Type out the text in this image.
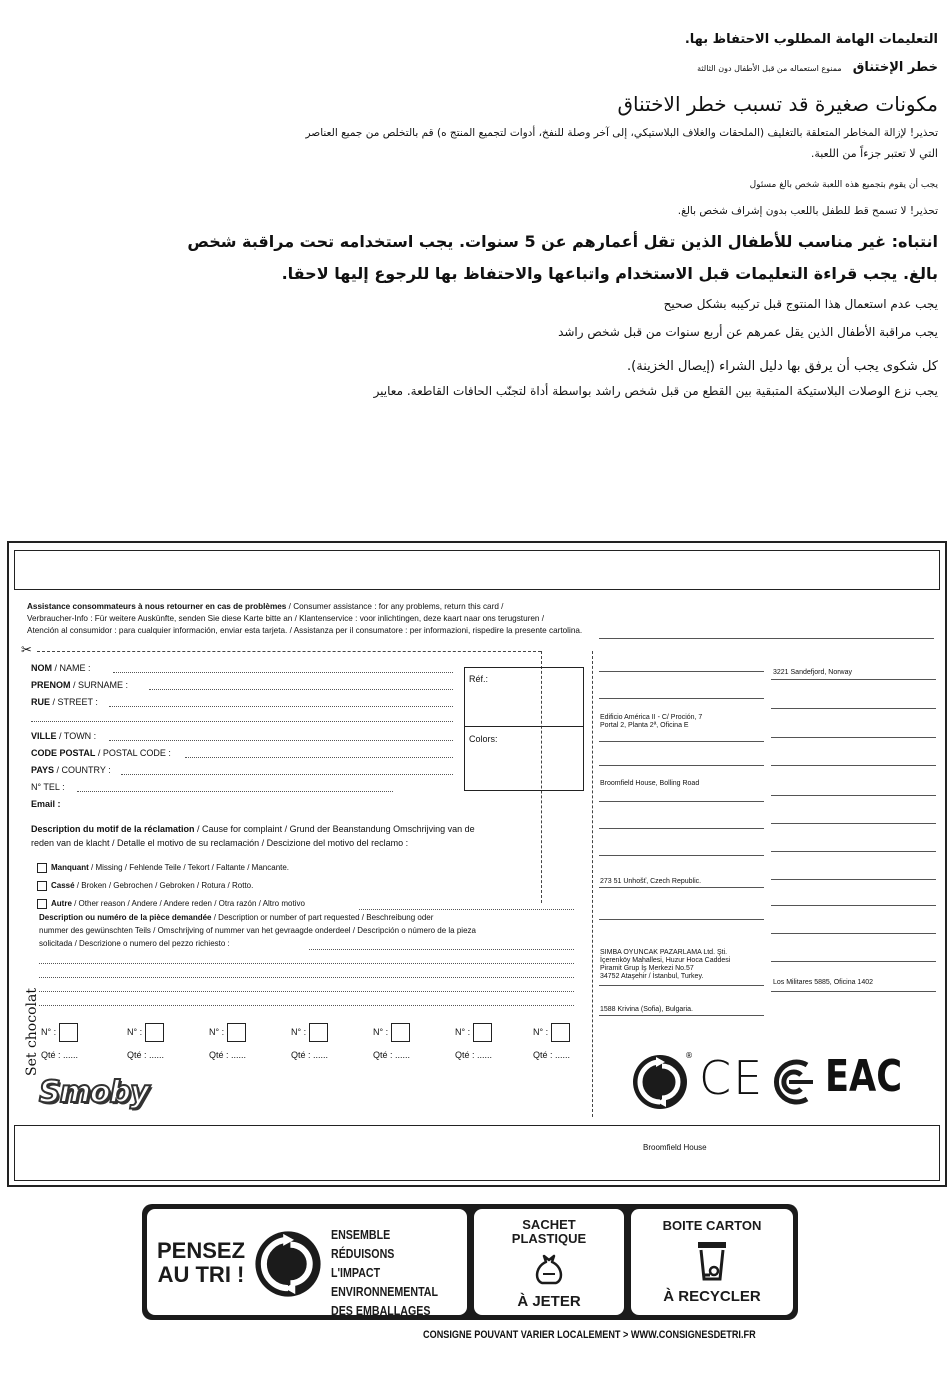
التعليمات الهامة المطلوب الاحتفاظ بها.
خطر الإختناق ممنوع استعماله من قبل الأطفال دون الثالثة
مكونات صغيرة قد تسبب خطر الاختناق
تحذير! لإزالة المخاطر المتعلقة بالتغليف (الملحقات والغلاف البلاستيكي، إلى آخر وصلة للنفخ، أدوات لتجميع المنتج ه) قم بالتخلص من جميع العناصر
التي لا تعتبر جزءاً من اللعبة.
يجب أن يقوم بتجميع هذه اللعبة شخص بالغ مسئول
تحذير! لا تسمح قط للطفل باللعب بدون إشراف شخص بالغ.
انتباه: غير مناسب للأطفال الذين تقل أعمارهم عن 5 سنوات. يجب استخدامه تحت مراقبة شخص
بالغ. يجب قراءة التعليمات قبل الاستخدام واتباعها والاحتفاظ بها للرجوع إليها لاحقا.
يجب عدم استعمال هذا المنتوج قبل تركيبه بشكل صحيح
يجب مراقبة الأطفال الذين يقل عمرهم عن أربع سنوات من قبل شخص راشد
كل شكوى يجب أن يرفق بها دليل الشراء (إيصال الخزينة).
يجب نزع الوصلات البلاستيكة المتبقية بين القطع من قبل شخص راشد بواسطة أداة لتجنّب الحافات القاطعة. معايير
Assistance consommateurs à nous retourner en cas de problèmes / Consumer assistance : for any problems, return this card /
Verbraucher-Info : Für weitere Auskünfte, senden Sie diese Karte bitte an / Klantenservice : voor inlichtingen, deze kaart naar ons terugsturen /
Atención al consumidor : para cualquier información, enviar esta tarjeta. / Assistanza per il consumatore : per informazioni, rispedire la presente cartolina.
✂
NOM / NAME :
PRENOM / SURNAME :
RUE / STREET :
VILLE / TOWN :
CODE POSTAL / POSTAL CODE :
PAYS / COUNTRY :
N° TEL :
Email :
Réf.:
Colors:
Description du motif de la réclamation / Cause for complaint / Grund der Beanstandung Omschrijving van de
reden van de klacht / Detalle el motivo de su reclamación / Descizione del motivo del reclamo :
Manquant / Missing / Fehlende Teile / Tekort / Faltante / Mancante.
Cassé / Broken / Gebrochen / Gebroken / Rotura / Rotto.
Autre / Other reason / Andere / Andere reden / Otra razón / Altro motivo
Description ou numéro de la pièce demandée / Description or number of part requested / Beschreibung oder
nummer des gewünschten Teils / Omschrijving of nummer van het gevraagde onderdeel / Descripción o número de la pieza
solicitada / Descrizione o numero del pezzo richiesto :
Set chocolat N° :
Qté : ......
N° :
Qté : ......
N° :
Qté : ......
N° :
Qté : ......
N° :
Qté : ......
N° :
Qté : ......
N° :
Qté : ......
Smoby
3221 Sandefjord, Norway
Edificio América II - C/ Proción, 7
Portal 2, Planta 2ª, Oficina E
Broomfield House, Bolling Road
273 51 Unhošť, Czech Republic.
SIMBA OYUNCAK PAZARLAMA Ltd. Şti.
İçerenköy Mahallesi, Huzur Hoca Caddesi
Piramit Grup İş Merkezi No.57
34752 Ataşehir / İstanbul, Turkey.
Los Militares 5885, Oficina 1402
1588 Krivina (Sofia), Bulgaria.
® CE EAC
Broomfield House
PENSEZ
AU TRI !
ENSEMBLE
RÉDUISONS L'IMPACT
ENVIRONNEMENTAL
DES EMBALLAGES
SACHET
PLASTIQUE
À JETER
BOITE CARTON
À RECYCLER
CONSIGNE POUVANT VARIER LOCALEMENT > WWW.CONSIGNESDETRI.FR
